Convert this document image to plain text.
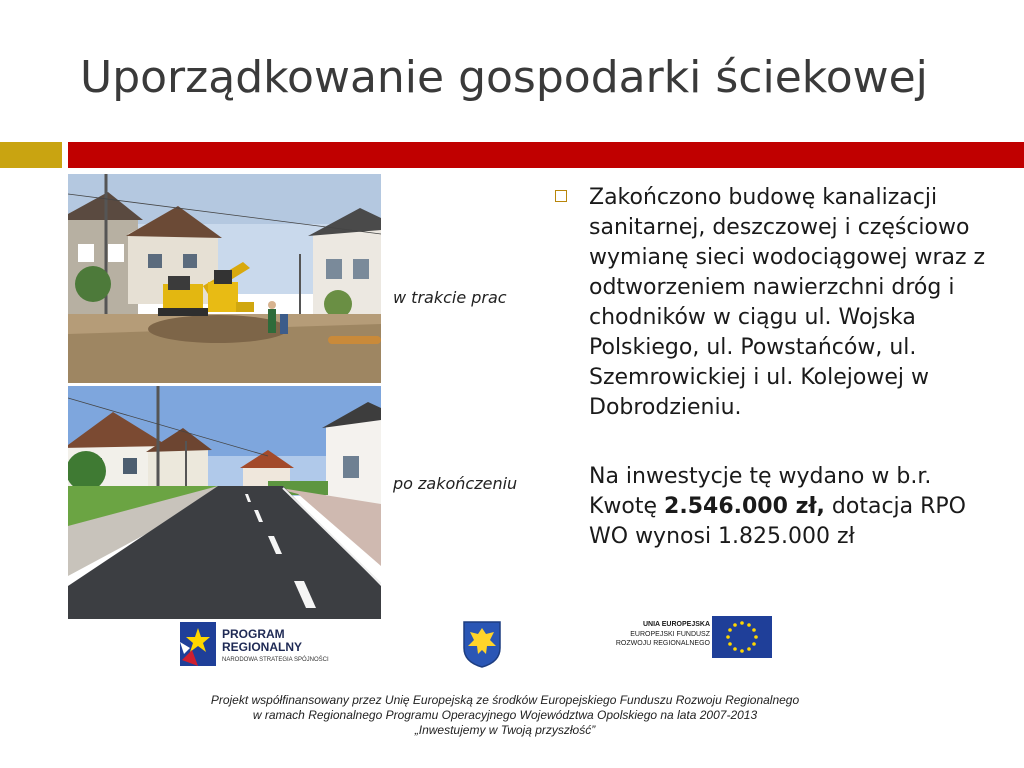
Uporządkowanie gospodarki ściekowej
w trakcie prac
po zakończeniu

Zakończono budowę kanalizacji sanitarnej, deszczowej i częściowo wymianę sieci wodociągowej wraz z odtworzeniem nawierzchni dróg i chodników w ciągu ul. Wojska Polskiego, ul. Powstańców, ul. Szemrowickiej i ul. Kolejowej w Dobrodzieniu.

Na inwestycje tę wydano w b.r. Kwotę 2.546.000 zł, dotacja RPO WO wynosi 1.825.000 zł

PROGRAM
REGIONALNY
NARODOWA STRATEGIA SPÓJNOŚCI
UNIA EUROPEJSKA
EUROPEJSKI FUNDUSZ
ROZWOJU REGIONALNEGO
Projekt współfinansowany przez Unię Europejską ze środków Europejskiego Funduszu Rozwoju Regionalnego
w ramach Regionalnego Programu Operacyjnego Województwa Opolskiego na lata 2007-2013
„Inwestujemy w Twoją przyszłość”
